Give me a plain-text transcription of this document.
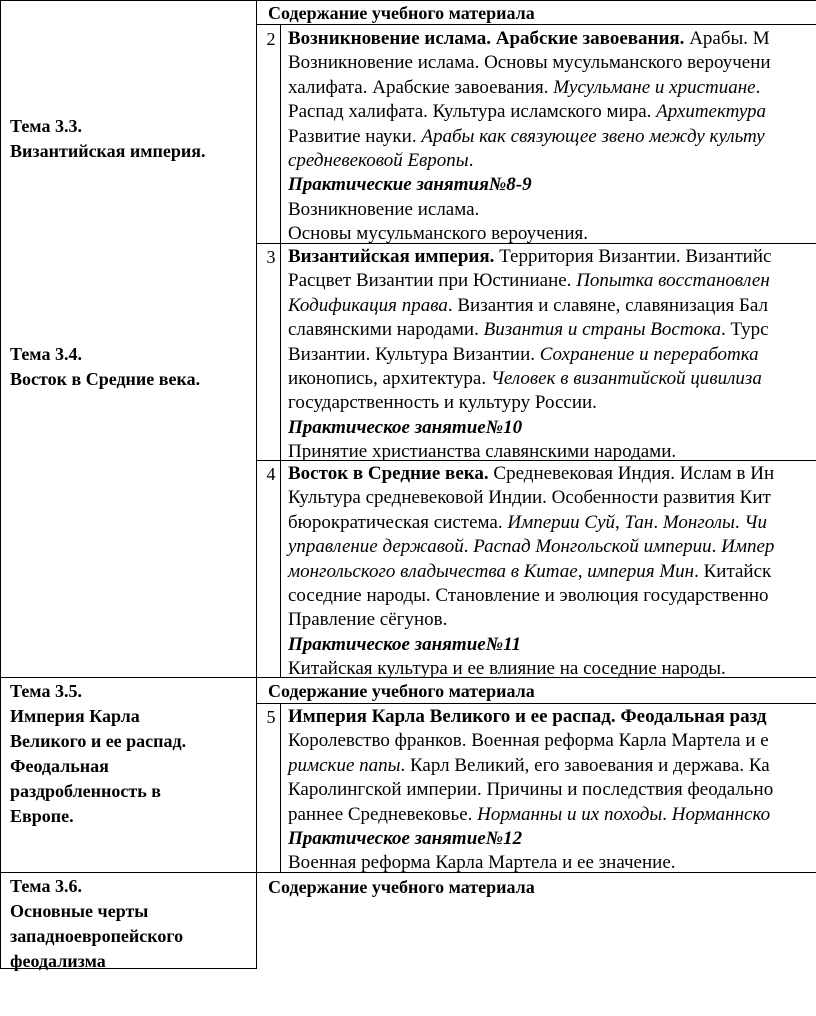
Содержание учебного материала
Тема 3.3.
Византийская империя.
Тема 3.4.
Восток в Средние века.
Тема 3.5.
Империя Карла
Великого и ее распад.
Феодальная
раздробленность в
Европе.
Тема 3.6.
Основные черты
западноевропейского
феодализма
2
3
4
5
Содержание учебного материала
Содержание учебного материала
Возникновение ислама. Арабские завоевания. Арабы. М
Возникновение ислама. Основы мусульманского вероучени
халифата. Арабские завоевания. Мусульмане и христиане.
Распад халифата. Культура исламского мира. Архитектура
Развитие науки. Арабы как связующее звено между культу
средневековой Европы.
Практические занятия№8-9
Возникновение ислама.
Основы мусульманского вероучения.
Византийская империя. Территория Византии. Византийс
Расцвет Византии при Юстиниане. Попытка восстановлен
Кодификация права. Византия и славяне, славянизация Бал
славянскими народами. Византия и страны Востока. Турс
Византии. Культура Византии. Сохранение и переработка
иконопись, архитектура. Человек в византийской цивилиза
государственность и культуру России.
Практическое занятие№10
Принятие христианства славянскими народами.
Восток в Средние века. Средневековая Индия. Ислам в Ин
Культура средневековой Индии. Особенности развития Кит
бюрократическая система. Империи Суй, Тан. Монголы. Чи
управление державой. Распад Монгольской империи. Импер
монгольского владычества в Китае, империя Мин. Китайск
соседние народы. Становление и эволюция государственно
Правление сёгунов.
Практическое занятие№11
Китайская культура и ее влияние на соседние народы.
Империя Карла Великого и ее распад. Феодальная разд
Королевство франков. Военная реформа Карла Мартела и е
римские папы. Карл Великий, его завоевания и держава. Ка
Каролингской империи. Причины и последствия феодально
раннее Средневековье. Норманны и их походы. Норманнско
Практическое занятие№12
Военная реформа Карла Мартела и ее значение.
